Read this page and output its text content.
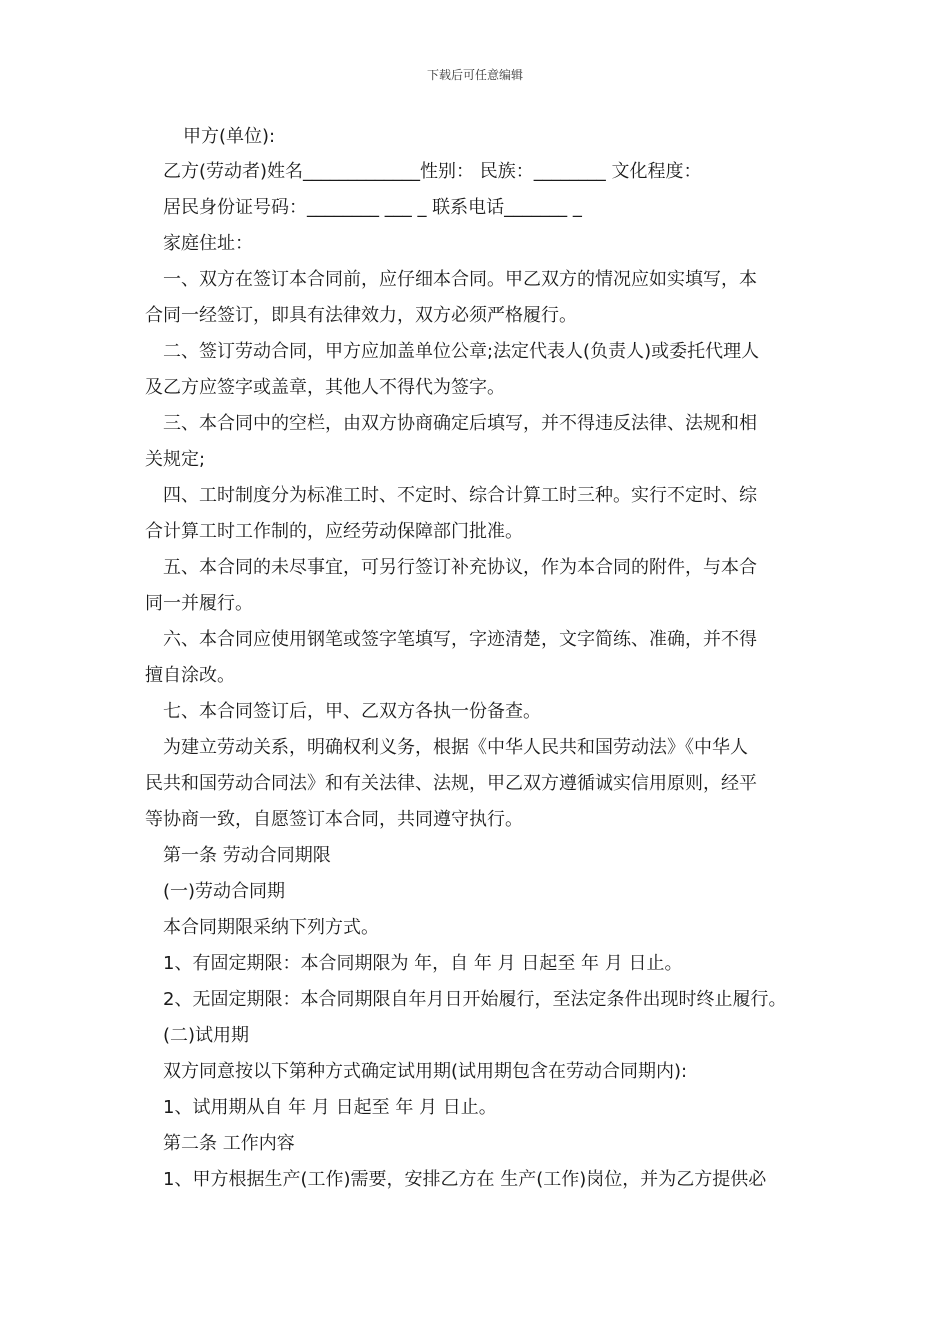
下载后可任意编辑
甲方(单位):
乙方(劳动者)姓名_____________性别： 民族：________ 文化程度：
居民身份证号码：________ ___ _ 联系电话_______ _
家庭住址：
一、双方在签订本合同前，应仔细本合同。甲乙双方的情况应如实填写，本
合同一经签订，即具有法律效力，双方必须严格履行。
二、签订劳动合同，甲方应加盖单位公章;法定代表人(负责人)或委托代理人
及乙方应签字或盖章，其他人不得代为签字。
三、本合同中的空栏，由双方协商确定后填写，并不得违反法律、法规和相
关规定;
四、工时制度分为标准工时、不定时、综合计算工时三种。实行不定时、综
合计算工时工作制的，应经劳动保障部门批准。
五、本合同的未尽事宜，可另行签订补充协议，作为本合同的附件，与本合
同一并履行。
六、本合同应使用钢笔或签字笔填写，字迹清楚，文字简练、准确，并不得
擅自涂改。
七、本合同签订后，甲、乙双方各执一份备查。
为建立劳动关系，明确权利义务，根据《中华人民共和国劳动法》《中华人
民共和国劳动合同法》和有关法律、法规，甲乙双方遵循诚实信用原则，经平
等协商一致，自愿签订本合同，共同遵守执行。
第一条 劳动合同期限
(一)劳动合同期
本合同期限采纳下列方式。
1、有固定期限：本合同期限为 年，自 年 月 日起至 年 月 日止。
2、无固定期限：本合同期限自年月日开始履行，至法定条件出现时终止履行。
(二)试用期
双方同意按以下第种方式确定试用期(试用期包含在劳动合同期内):
1、试用期从自 年 月 日起至 年 月 日止。
第二条 工作内容
1、甲方根据生产(工作)需要，安排乙方在 生产(工作)岗位，并为乙方提供必
